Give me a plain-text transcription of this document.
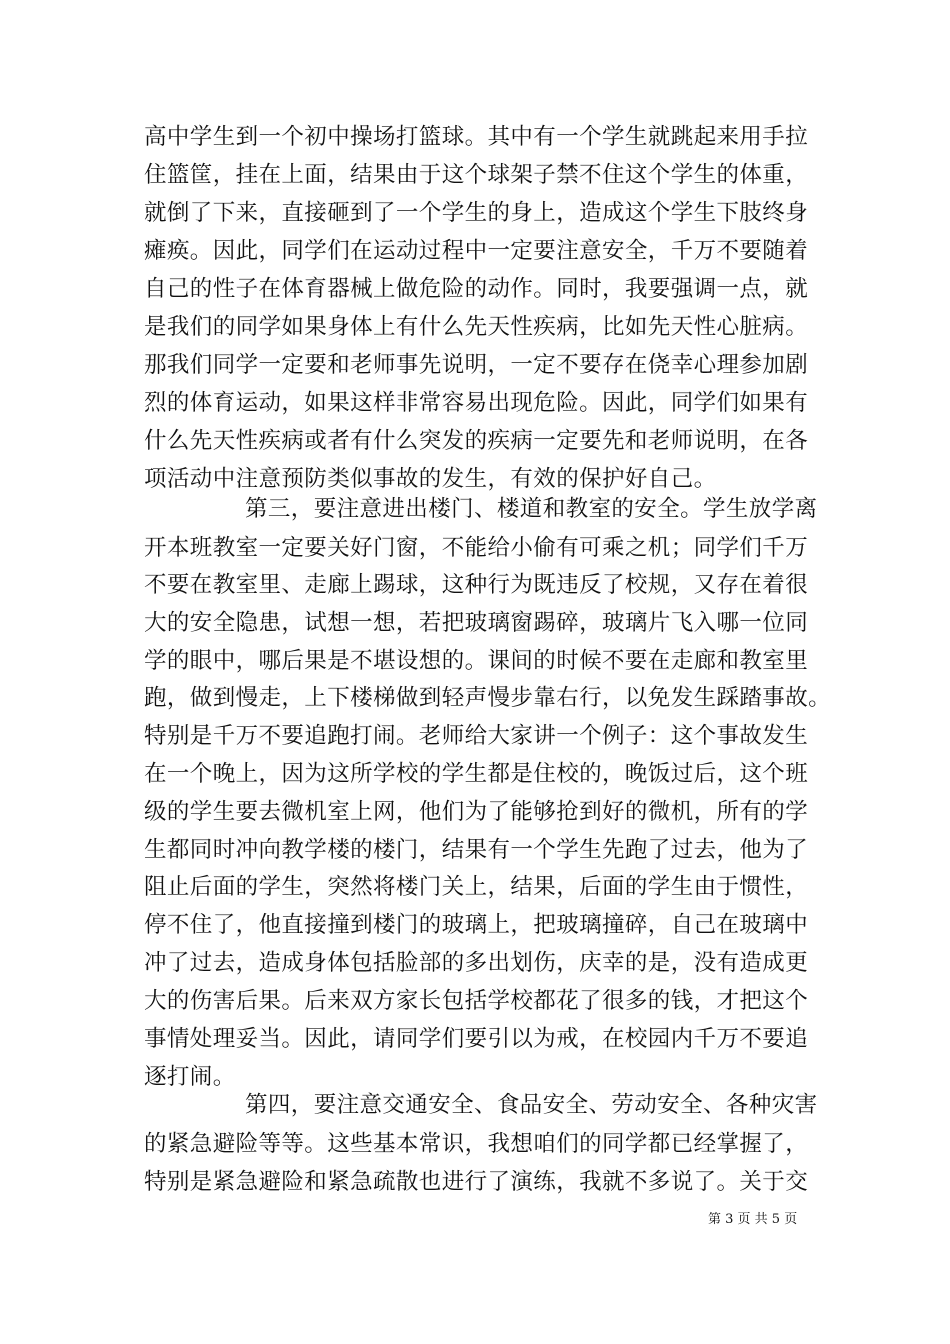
高中学生到一个初中操场打篮球。其中有一个学生就跳起来用手拉
住篮筐，挂在上面，结果由于这个球架子禁不住这个学生的体重，
就倒了下来，直接砸到了一个学生的身上，造成这个学生下肢终身
瘫痪。因此，同学们在运动过程中一定要注意安全，千万不要随着
自己的性子在体育器械上做危险的动作。同时，我要强调一点，就
是我们的同学如果身体上有什么先天性疾病，比如先天性心脏病。
那我们同学一定要和老师事先说明，一定不要存在侥幸心理参加剧
烈的体育运动，如果这样非常容易出现危险。因此，同学们如果有
什么先天性疾病或者有什么突发的疾病一定要先和老师说明，在各
项活动中注意预防类似事故的发生，有效的保护好自己。
第三，要注意进出楼门、楼道和教室的安全。学生放学离
开本班教室一定要关好门窗，不能给小偷有可乘之机；同学们千万
不要在教室里、走廊上踢球，这种行为既违反了校规，又存在着很
大的安全隐患，试想一想，若把玻璃窗踢碎，玻璃片飞入哪一位同
学的眼中，哪后果是不堪设想的。课间的时候不要在走廊和教室里
跑，做到慢走，上下楼梯做到轻声慢步靠右行，以免发生踩踏事故。
特别是千万不要追跑打闹。老师给大家讲一个例子：这个事故发生
在一个晚上，因为这所学校的学生都是住校的，晚饭过后，这个班
级的学生要去微机室上网，他们为了能够抢到好的微机，所有的学
生都同时冲向教学楼的楼门，结果有一个学生先跑了过去，他为了
阻止后面的学生，突然将楼门关上，结果，后面的学生由于惯性，
停不住了，他直接撞到楼门的玻璃上，把玻璃撞碎，自己在玻璃中
冲了过去，造成身体包括脸部的多出划伤，庆幸的是，没有造成更
大的伤害后果。后来双方家长包括学校都花了很多的钱，才把这个
事情处理妥当。因此，请同学们要引以为戒，在校园内千万不要追
逐打闹。
第四，要注意交通安全、食品安全、劳动安全、各种灾害
的紧急避险等等。这些基本常识，我想咱们的同学都已经掌握了，
特别是紧急避险和紧急疏散也进行了演练，我就不多说了。关于交
第 3 页 共 5 页
